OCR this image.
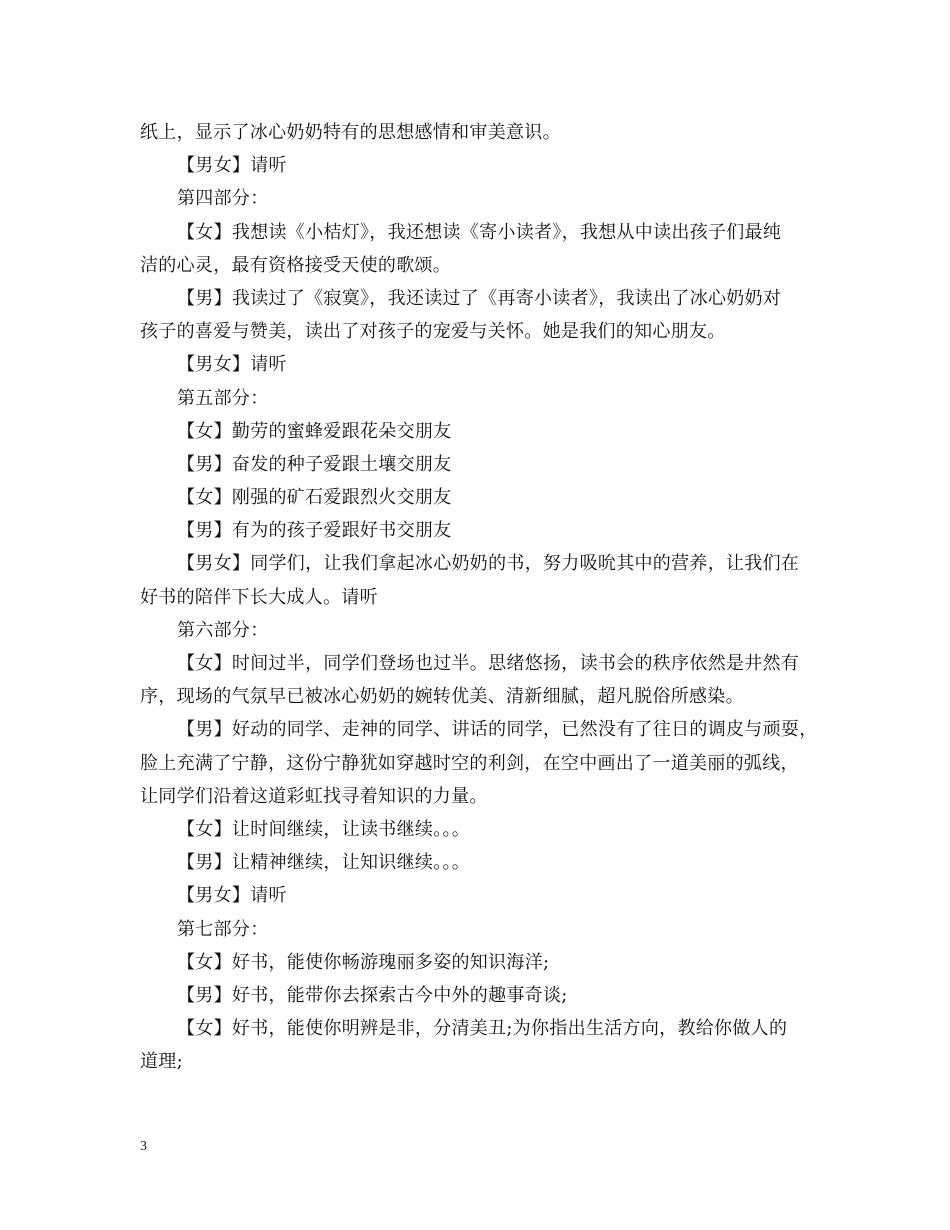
纸上，显示了冰心奶奶特有的思想感情和审美意识。
【男女】请听
第四部分：
【女】我想读《小桔灯》，我还想读《寄小读者》，我想从中读出孩子们最纯
洁的心灵，最有资格接受天使的歌颂。
【男】我读过了《寂寞》，我还读过了《再寄小读者》，我读出了冰心奶奶对
孩子的喜爱与赞美，读出了对孩子的宠爱与关怀。她是我们的知心朋友。
【男女】请听
第五部分：
【女】勤劳的蜜蜂爱跟花朵交朋友
【男】奋发的种子爱跟土壤交朋友
【女】刚强的矿石爱跟烈火交朋友
【男】有为的孩子爱跟好书交朋友
【男女】同学们，让我们拿起冰心奶奶的书，努力吸吮其中的营养，让我们在
好书的陪伴下长大成人。请听
第六部分：
【女】时间过半，同学们登场也过半。思绪悠扬，读书会的秩序依然是井然有
序，现场的气氛早已被冰心奶奶的婉转优美、清新细腻，超凡脱俗所感染。
【男】好动的同学、走神的同学、讲话的同学，已然没有了往日的调皮与顽耍，
脸上充满了宁静，这份宁静犹如穿越时空的利剑，在空中画出了一道美丽的弧线，
让同学们沿着这道彩虹找寻着知识的力量。
【女】让时间继续，让读书继续。。。
【男】让精神继续，让知识继续。。。
【男女】请听
第七部分：
【女】好书，能使你畅游瑰丽多姿的知识海洋;
【男】好书，能带你去探索古今中外的趣事奇谈;
【女】好书，能使你明辨是非，分清美丑;为你指出生活方向，教给你做人的
道理;
3
